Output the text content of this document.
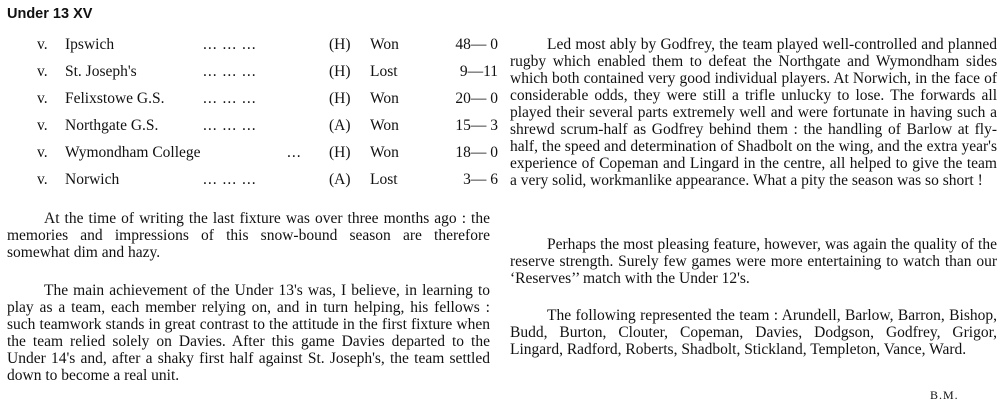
Under 13 XV
v. Ipswich	... ... ...	(H) Won	48— 0
v. St. Joseph's	... ... ...	(H) Lost	9—11
v. Felixstowe G.S. ... ... ...	(H) Won	20— 0
v. Northgate G.S.	... ... ...	(A) Won	15— 3
v. Wymondham College	... (H) Won	18— 0
v. Norwich	... ... ...	(A) Lost	3— 6

At the time of writing the last fixture was over three months ago : the memories and impressions of this snow-bound season are therefore somewhat dim and hazy.

The main achievement of the Under 13's was, I believe, in learning to play as a team, each member relying on, and in turn helping, his fellows : such teamwork stands in great contrast to the attitude in the first fixture when the team relied solely on Davies. After this game Davies departed to the Under 14's and, after a shaky first half against St. Joseph's, the team settled down to become a real unit.

Led most ably by Godfrey, the team played well-controlled and planned rugby which enabled them to defeat the Northgate and Wymondham sides which both contained very good individual players. At Norwich, in the face of considerable odds, they were still a trifle unlucky to lose. The forwards all played their several parts extremely well and were fortunate in having such a shrewd scrum-half as Godfrey behind them : the handling of Barlow at fly-half, the speed and determination of Shadbolt on the wing, and the extra year's experience of Copeman and Lingard in the centre, all helped to give the team a very solid, workmanlike appearance. What a pity the season was so short !

Perhaps the most pleasing feature, however, was again the quality of the reserve strength. Surely few games were more entertaining to watch than our ‘Reserves’’ match with the Under 12's.

The following represented the team : Arundell, Barlow, Barron, Bishop, Budd, Burton, Clouter, Copeman, Davies, Dodgson, Godfrey, Grigor, Lingard, Radford, Roberts, Shadbolt, Stickland, Templeton, Vance, Ward.

B.M.
